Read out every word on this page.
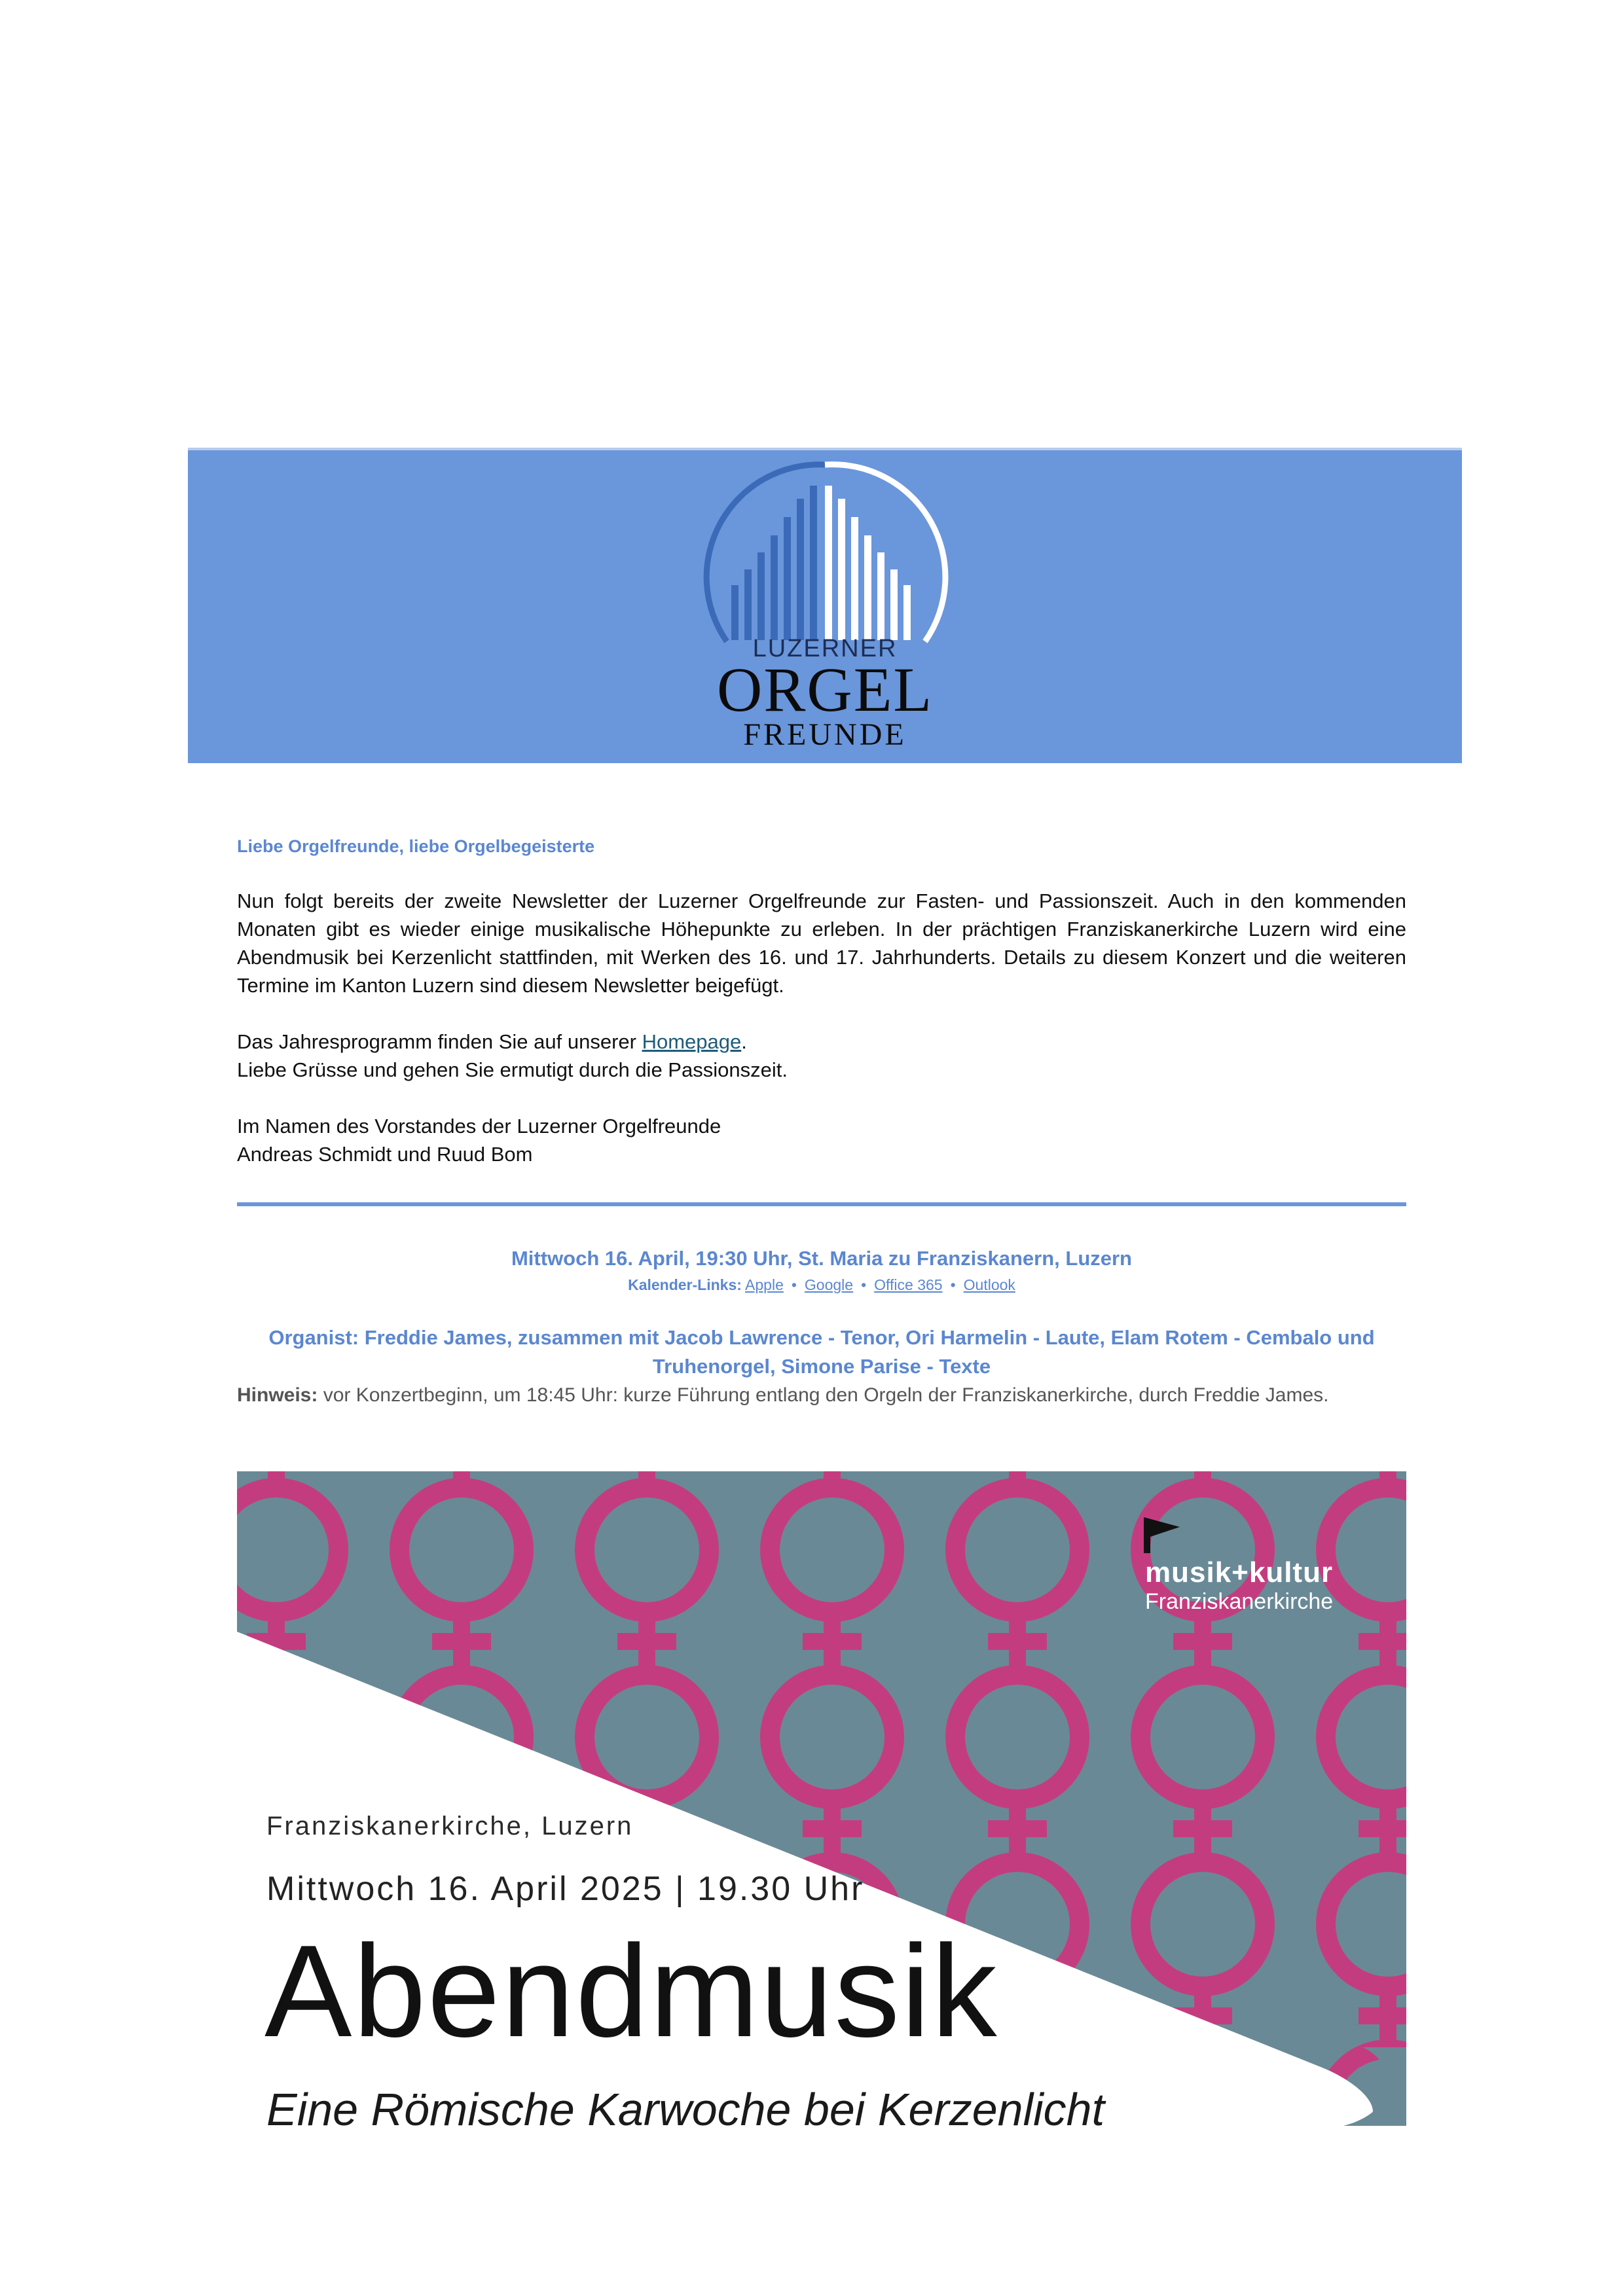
LUZERNER
ORGEL
FREUNDE
Liebe Orgelfreunde, liebe Orgelbegeisterte
Nun folgt bereits der zweite Newsletter der Luzerner Orgelfreunde zur Fasten- und Passionszeit. Auch in den kommenden Monaten gibt es wieder einige musikalische Höhepunkte zu erleben. In der prächtigen Franziskanerkirche Luzern wird eine Abendmusik bei Kerzenlicht stattfinden, mit Werken des 16. und 17. Jahrhunderts. Details zu diesem Konzert und die weiteren Termine im Kanton Luzern sind diesem Newsletter beigefügt.

Das Jahresprogramm finden Sie auf unserer Homepage.

Liebe Grüsse und gehen Sie ermutigt durch die Passionszeit.

Im Namen des Vorstandes der Luzerner Orgelfreunde

Andreas Schmidt und Ruud Bom

Mittwoch 16. April, 19:30 Uhr, St. Maria zu Franziskanern, Luzern
Kalender-Links: Apple • Google • Office 365 • Outlook
Organist: Freddie James, zusammen mit Jacob Lawrence - Tenor, Ori Harmelin - Laute, Elam Rotem - Cembalo und Truhenorgel, Simone Parise - Texte
Hinweis: vor Konzertbeginn, um 18:45 Uhr: kurze Führung entlang den Orgeln der Franziskanerkirche, durch Freddie James.
musik+kultur
Franziskanerkirche
Franziskanerkirche, Luzern
Mittwoch 16. April 2025 | 19.30 Uhr
Abendmusik
Eine Römische Karwoche bei Kerzenlicht
